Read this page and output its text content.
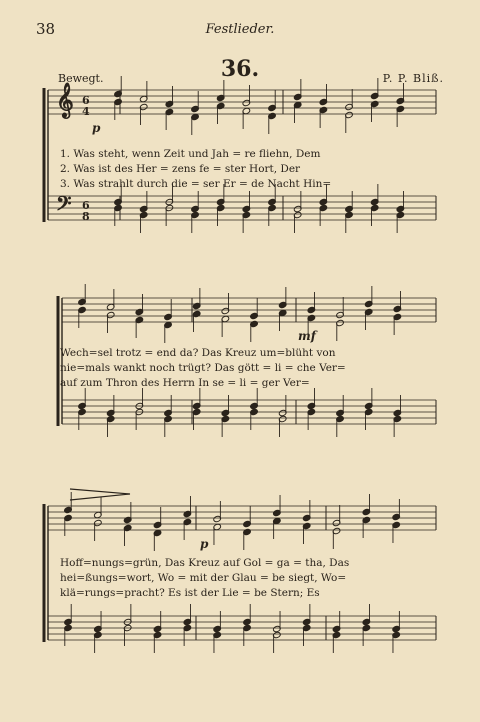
38	Festlieder.
36.
Bewegt.	P. P. Bliß.
1. Was steht, wenn Zeit und Jah = re fliehn, Dem
2. Was ist des Her = zens fe = ster Hort, Der
3. Was strahlt durch die = ser Er = de Nacht Hin=
Wech=sel trotz = end da? Das Kreuz um=blüht von
nie=mals wankt noch trügt? Das gött = li = che Ver=
auf zum Thron des Herrn In se = li = ger Ver=
Hoff=nungs=grün, Das Kreuz auf Gol = ga = tha, Das
hei=ßungs=wort, Wo = mit der Glau = be siegt, Wo=
klä=rungs=pracht? Es ist der Lie = be Stern; Es
𝄞
𝄢
6
4
6
8
p
mf
p
